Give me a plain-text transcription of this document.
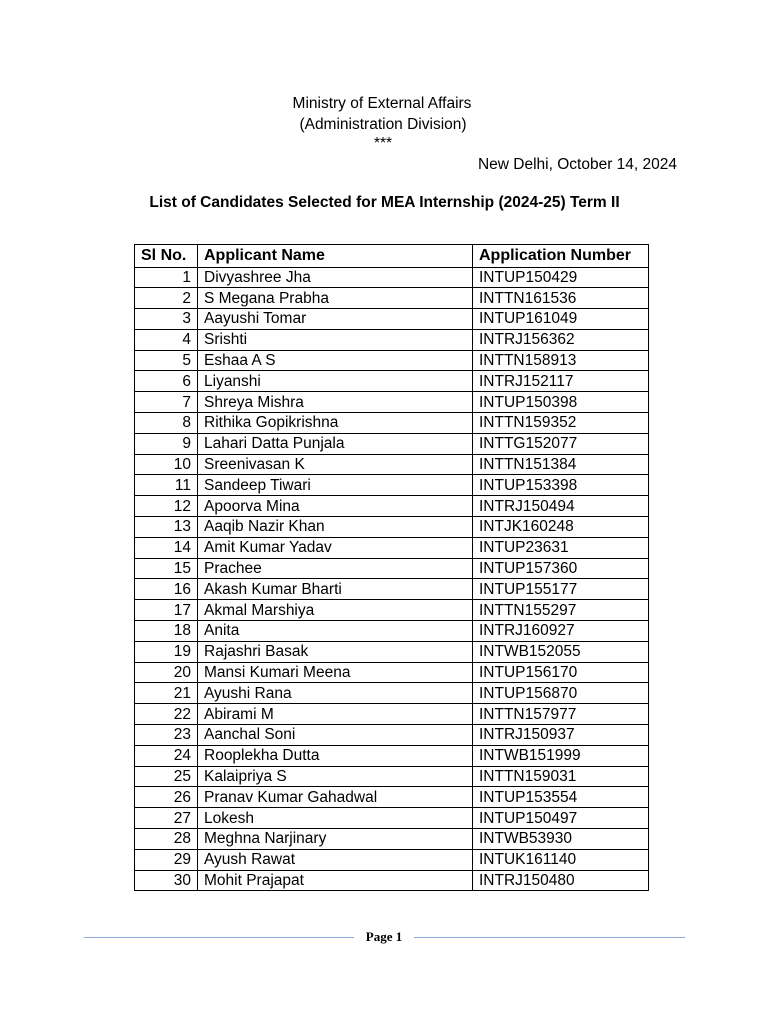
Ministry of External Affairs
(Administration Division)
***
New Delhi, October 14, 2024
List of Candidates Selected for MEA Internship (2024-25) Term II
Sl No.	Applicant Name	Application Number
1	Divyashree Jha	INTUP150429
2	S Megana Prabha	INTTN161536
3	Aayushi Tomar	INTUP161049
4	Srishti	INTRJ156362
5	Eshaa A S	INTTN158913
6	Liyanshi	INTRJ152117
7	Shreya Mishra	INTUP150398
8	Rithika Gopikrishna	INTTN159352
9	Lahari Datta Punjala	INTTG152077
10	Sreenivasan K	INTTN151384
11	Sandeep Tiwari	INTUP153398
12	Apoorva Mina	INTRJ150494
13	Aaqib Nazir Khan	INTJK160248
14	Amit Kumar Yadav	INTUP23631
15	Prachee	INTUP157360
16	Akash Kumar Bharti	INTUP155177
17	Akmal Marshiya	INTTN155297
18	Anita	INTRJ160927
19	Rajashri Basak	INTWB152055
20	Mansi Kumari Meena	INTUP156170
21	Ayushi Rana	INTUP156870
22	Abirami M	INTTN157977
23	Aanchal Soni	INTRJ150937
24	Rooplekha Dutta	INTWB151999
25	Kalaipriya S	INTTN159031
26	Pranav Kumar Gahadwal	INTUP153554
27	Lokesh	INTUP150497
28	Meghna Narjinary	INTWB53930
29	Ayush Rawat	INTUK161140
30	Mohit Prajapat	INTRJ150480
Page 1
